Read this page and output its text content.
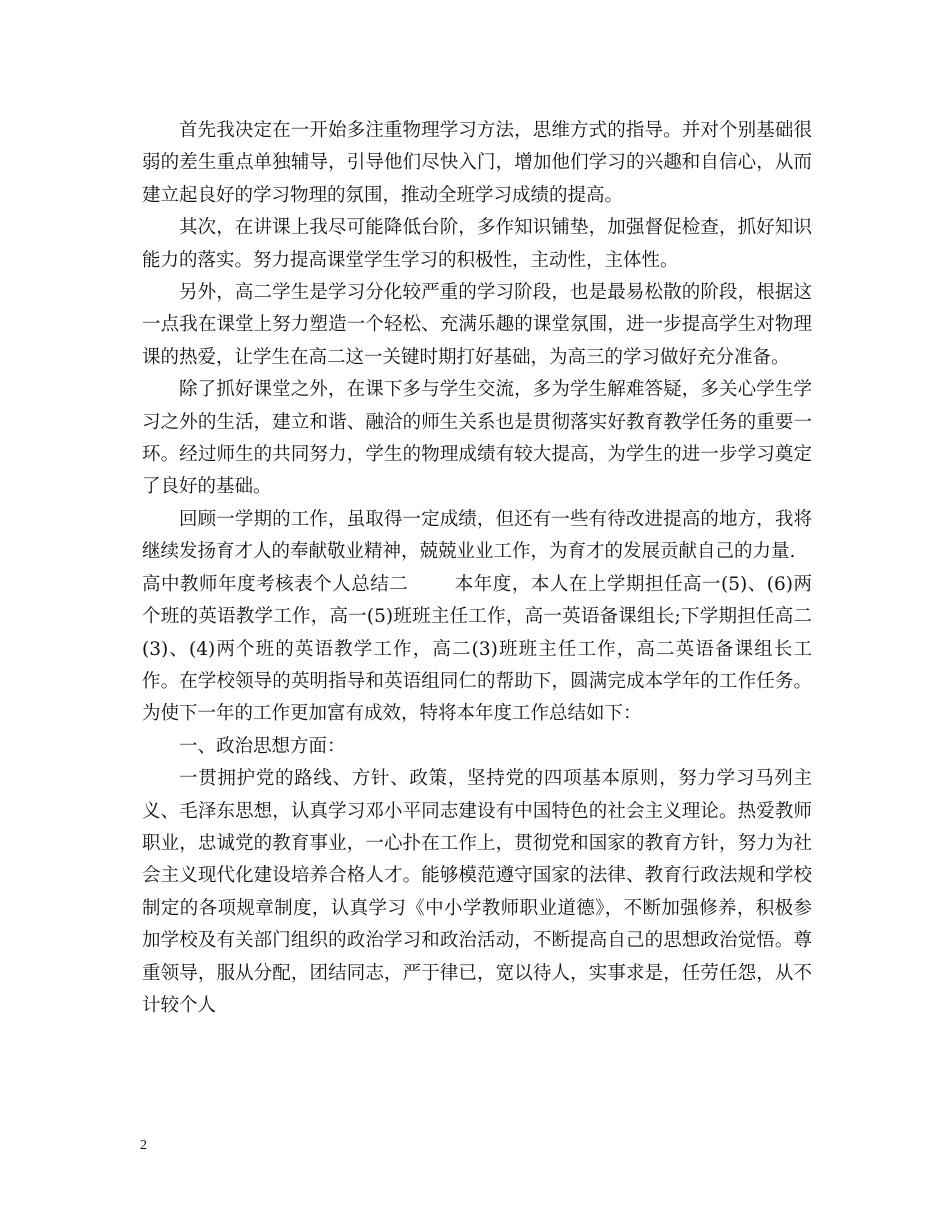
首先我决定在一开始多注重物理学习方法，思维方式的指导。并对个别基础很弱的差生重点单独辅导，引导他们尽快入门，增加他们学习的兴趣和自信心，从而建立起良好的学习物理的氛围，推动全班学习成绩的提高。

其次，在讲课上我尽可能降低台阶，多作知识铺垫，加强督促检查，抓好知识能力的落实。努力提高课堂学生学习的积极性，主动性，主体性。

另外，高二学生是学习分化较严重的学习阶段，也是最易松散的阶段，根据这一点我在课堂上努力塑造一个轻松、充满乐趣的课堂氛围，进一步提高学生对物理课的热爱，让学生在高二这一关键时期打好基础，为高三的学习做好充分准备。

除了抓好课堂之外，在课下多与学生交流，多为学生解难答疑，多关心学生学习之外的生活，建立和谐、融洽的师生关系也是贯彻落实好教育教学任务的重要一环。经过师生的共同努力，学生的物理成绩有较大提高，为学生的进一步学习奠定了良好的基础。

回顾一学期的工作，虽取得一定成绩，但还有一些有待改进提高的地方，我将继续发扬育才人的奉献敬业精神，兢兢业业工作，为育才的发展贡献自己的力量.

高中教师年度考核表个人总结二 本年度，本人在上学期担任高一(5)、(6)两个班的英语教学工作，高一(5)班班主任工作，高一英语备课组长;下学期担任高二(3)、(4)两个班的英语教学工作，高二(3)班班主任工作，高二英语备课组长工作。在学校领导的英明指导和英语组同仁的帮助下，圆满完成本学年的工作任务。为使下一年的工作更加富有成效，特将本年度工作总结如下：

一、政治思想方面：

一贯拥护党的路线、方针、政策，坚持党的四项基本原则，努力学习马列主义、毛泽东思想，认真学习邓小平同志建设有中国特色的社会主义理论。热爱教师职业，忠诚党的教育事业，一心扑在工作上，贯彻党和国家的教育方针，努力为社会主义现代化建设培养合格人才。能够模范遵守国家的法律、教育行政法规和学校制定的各项规章制度，认真学习《中小学教师职业道德》，不断加强修养，积极参加学校及有关部门组织的政治学习和政治活动，不断提高自己的思想政治觉悟。尊重领导，服从分配，团结同志，严于律已，宽以待人，实事求是，任劳任怨，从不计较个人

2
